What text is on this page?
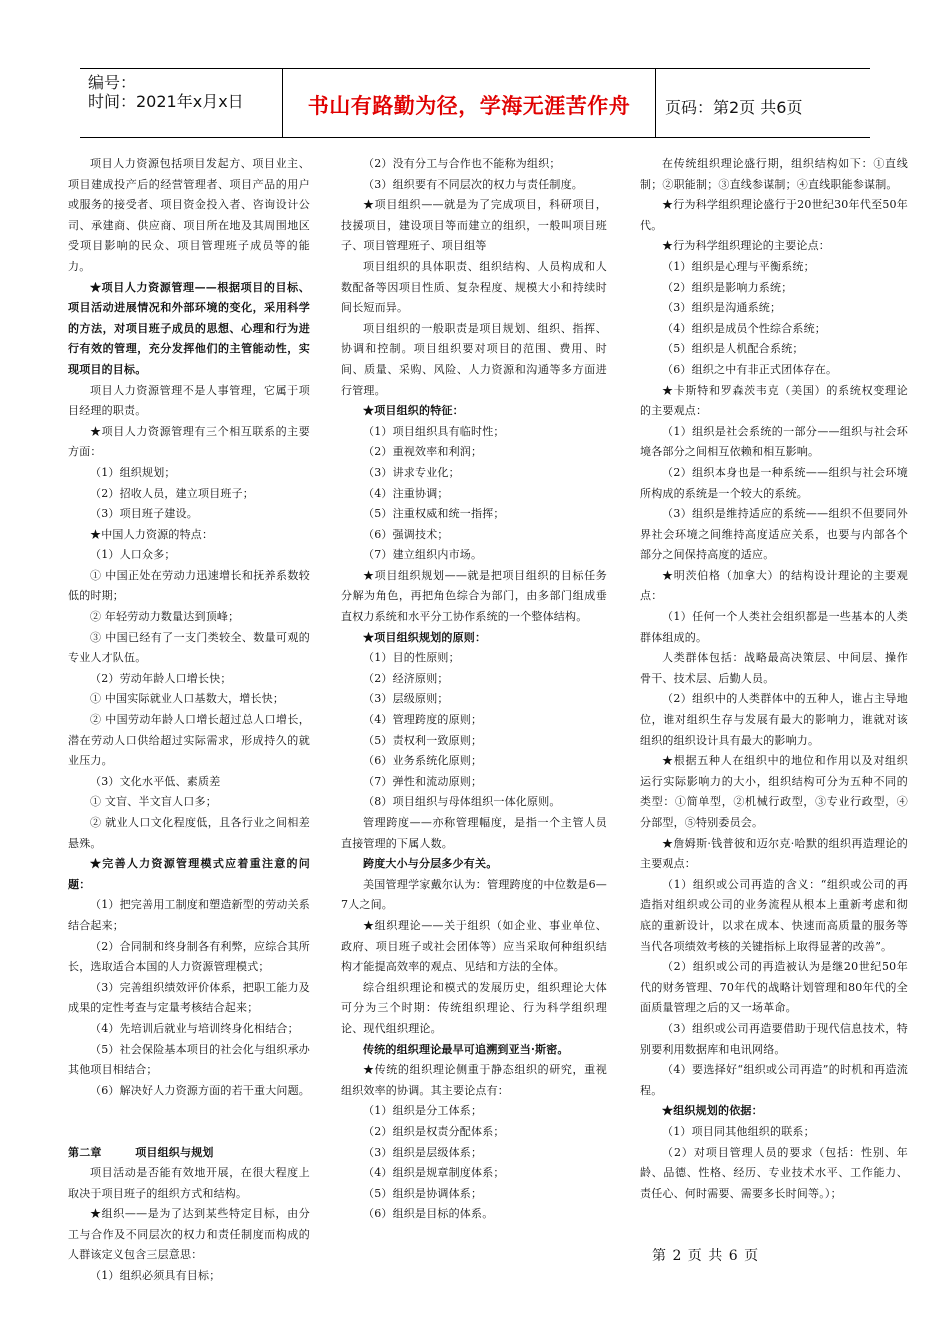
编号：
时间：2021年x月x日	书山有路勤为径，学海无涯苦作舟 页码：第2页 共6页

项目人力资源包括项目发起方、项目业主、项目建成投产后的经营管理者、项目产品的用户或服务的接受者、项目资金投入者、咨询设计公司、承建商、供应商、项目所在地及其周围地区受项目影响的民众、项目管理班子成员等的能力。

★项目人力资源管理——根据项目的目标、项目活动进展情况和外部环境的变化，采用科学的方法，对项目班子成员的思想、心理和行为进行有效的管理，充分发挥他们的主管能动性，实现项目的目标。

项目人力资源管理不是人事管理，它属于项目经理的职责。

★项目人力资源管理有三个相互联系的主要方面：

（1）组织规划；

（2）招收人员，建立项目班子；

（3）项目班子建设。

★中国人力资源的特点：

（1）人口众多；

① 中国正处在劳动力迅速增长和抚养系数较低的时期；

② 年轻劳动力数量达到顶峰；

③ 中国已经有了一支门类较全、数量可观的专业人才队伍。

（2）劳动年龄人口增长快；

① 中国实际就业人口基数大，增长快；

② 中国劳动年龄人口增长超过总人口增长，潜在劳动人口供给超过实际需求，形成持久的就业压力。

（3）文化水平低、素质差

① 文盲、半文盲人口多；

② 就业人口文化程度低，且各行业之间相差悬殊。

★完善人力资源管理模式应着重注意的问题：

（1）把完善用工制度和塑造新型的劳动关系结合起来；

（2）合同制和终身制各有利弊，应综合其所长，选取适合本国的人力资源管理模式；

（3）完善组织绩效评价体系，把职工能力及成果的定性考查与定量考核结合起来；

（4）先培训后就业与培训终身化相结合；

（5）社会保险基本项目的社会化与组织承办其他项目相结合；

（6）解决好人力资源方面的若干重大问题。

第二章　　　项目组织与规划

项目活动是否能有效地开展，在很大程度上取决于项目班子的组织方式和结构。

★组织——是为了达到某些特定目标，由分工与合作及不同层次的权力和责任制度而构成的人群该定义包含三层意思：

（1）组织必须具有目标；

（2）没有分工与合作也不能称为组织；

（3）组织要有不同层次的权力与责任制度。

★项目组织——就是为了完成项目，科研项目，技援项目，建设项目等而建立的组织，一般叫项目班子、项目管理班子、项目组等

项目组织的具体职责、组织结构、人员构成和人数配备等因项目性质、复杂程度、规模大小和持续时间长短而异。

项目组织的一般职责是项目规划、组织、指挥、协调和控制。项目组织要对项目的范围、费用、时间、质量、采购、风险、人力资源和沟通等多方面进行管理。

★项目组织的特征：

（1）项目组织具有临时性；

（2）重视效率和利润；

（3）讲求专业化；

（4）注重协调；

（5）注重权威和统一指挥；

（6）强调技术；

（7）建立组织内市场。

★项目组织规划——就是把项目组织的目标任务分解为角色，再把角色综合为部门，由多部门组成垂直权力系统和水平分工协作系统的一个整体结构。

★项目组织规划的原则：

（1）目的性原则；

（2）经济原则；

（3）层级原则；

（4）管理跨度的原则；

（5）责权利一致原则；

（6）业务系统化原则；

（7）弹性和流动原则；

（8）项目组织与母体组织一体化原则。

管理跨度——亦称管理幅度，是指一个主管人员直接管理的下属人数。

跨度大小与分层多少有关。

美国管理学家戴尔认为：管理跨度的中位数是6—7人之间。

★组织理论——关于组织（如企业、事业单位、政府、项目班子或社会团体等）应当采取何种组织结构才能提高效率的观点、见结和方法的全体。

综合组织理论和模式的发展历史，组织理论大体可分为三个时期：传统组织理论、行为科学组织理论、现代组织理论。

传统的组织理论最早可追溯到亚当·斯密。

★传统的组织理论侧重于静态组织的研究，重视组织效率的协调。其主要论点有：

（1）组织是分工体系；

（2）组织是权责分配体系；

（3）组织是层级体系；

（4）组织是规章制度体系；

（5）组织是协调体系；

（6）组织是目标的体系。

在传统组织理论盛行期，组织结构如下：①直线制；②职能制；③直线参谋制；④直线职能参谋制。

★行为科学组织理论盛行于20世纪30年代至50年代。

★行为科学组织理论的主要论点：

（1）组织是心理与平衡系统；

（2）组织是影响力系统；

（3）组织是沟通系统；

（4）组织是成员个性综合系统；

（5）组织是人机配合系统；

（6）组织之中有非正式团体存在。

★卡斯特和罗森茨韦克（美国）的系统权变理论的主要观点：

（1）组织是社会系统的一部分——组织与社会环境各部分之间相互依赖和相互影响。

（2）组织本身也是一种系统——组织与社会环境所构成的系统是一个较大的系统。

（3）组织是维持适应的系统——组织不但要同外界社会环境之间维持高度适应关系，也要与内部各个部分之间保持高度的适应。

★明茨伯格（加拿大）的结构设计理论的主要观点：

（1）任何一个人类社会组织都是一些基本的人类群体组成的。

人类群体包括：战略最高决策层、中间层、操作骨干、技术层、后勤人员。

（2）组织中的人类群体中的五种人，谁占主导地位，谁对组织生存与发展有最大的影响力，谁就对该组织的组织设计具有最大的影响力。

★根据五种人在组织中的地位和作用以及对组织运行实际影响力的大小，组织结构可分为五种不同的类型：①简单型，②机械行政型，③专业行政型，④分部型，⑤特别委员会。

★詹姆斯·钱普彼和迈尔克·哈默的组织再造理论的主要观点：

（1）组织或公司再造的含义：“组织或公司的再造指对组织或公司的业务流程从根本上重新考虑和彻底的重新设计，以求在成本、快速而高质量的服务等当代各项绩效考核的关键指标上取得显著的改善”。

（2）组织或公司的再造被认为是继20世纪50年代的财务管理、70年代的战略计划管理和80年代的全面质量管理之后的又一场革命。

（3）组织或公司再造要借助于现代信息技术，特别要利用数据库和电讯网络。

（4）要选择好“组织或公司再造”的时机和再造流程。

★组织规划的依据：

（1）项目同其他组织的联系；

（2）对项目管理人员的要求（包括：性别、年龄、品德、性格、经历、专业技术水平、工作能力、责任心、何时需要、需要多长时间等。）；

第 2 页 共 6 页
